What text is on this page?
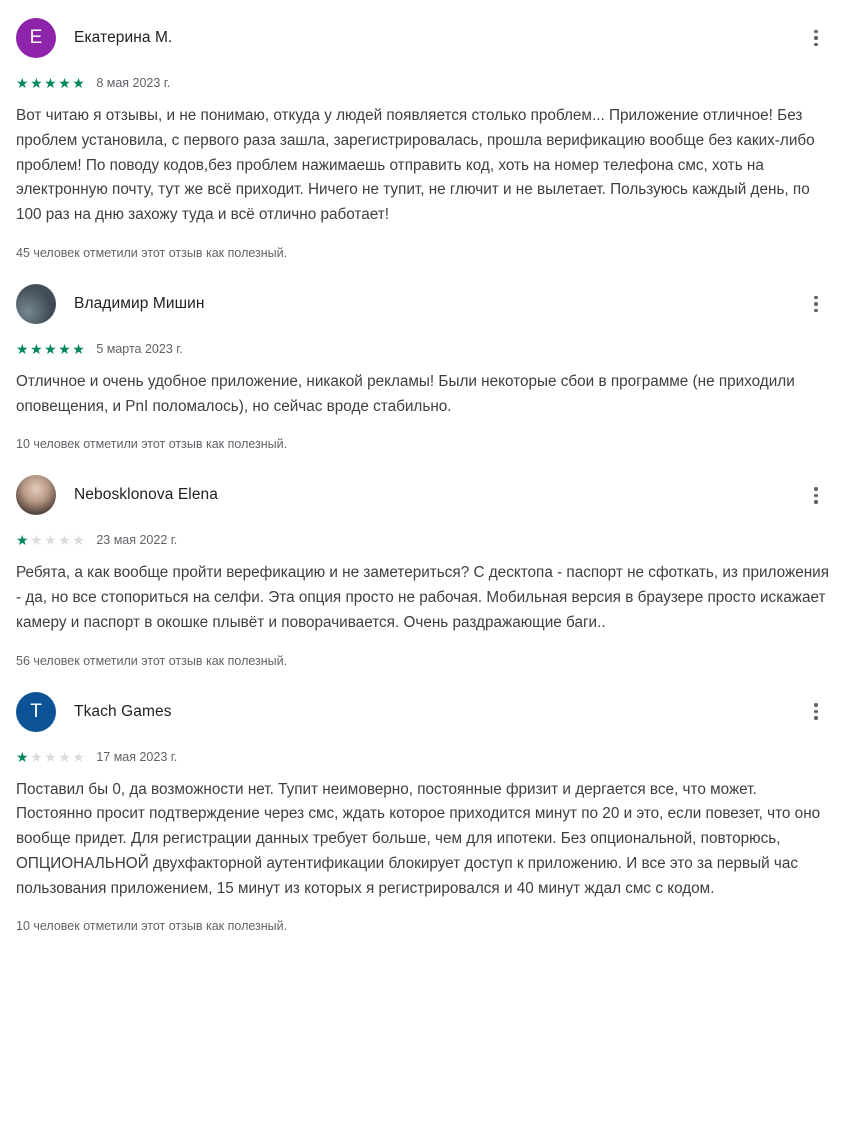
Е	Екатерина М.
★★★★★ 8 мая 2023 г.
Вот читаю я отзывы, и не понимаю, откуда у людей появляется столько проблем... Приложение отличное! Без проблем установила, с первого раза зашла, зарегистрировалась, прошла верификацию вообще без каких-либо проблем! По поводу кодов,без проблем нажимаешь отправить код, хоть на номер телефона смс, хоть на электронную почту, тут же всё приходит. Ничего не тупит, не глючит и не вылетает. Пользуюсь каждый день, по 100 раз на дню захожу туда и всё отлично работает!
45 человек отметили этот отзыв как полезный.
Владимир Мишин
★★★★★ 5 марта 2023 г.
Отличное и очень удобное приложение, никакой рекламы! Были некоторые сбои в программе (не приходили оповещения, и PnI поломалось), но сейчас вроде стабильно.
10 человек отметили этот отзыв как полезный.
Nebosklonova Elena
★★★★★ 23 мая 2022 г.
Ребята, а как вообще пройти верефикацию и не заметериться? С десктопа - паспорт не сфоткать, из приложения - да, но все стопориться на селфи. Эта опция просто не рабочая. Мобильная версия в браузере просто искажает камеру и паспорт в окошке плывёт и поворачивается. Очень раздражающие баги..
56 человек отметили этот отзыв как полезный.
T	Tkach Games
★★★★★ 17 мая 2023 г.
Поставил бы 0, да возможности нет. Тупит неимоверно, постоянные фризит и дергается все, что может. Постоянно просит подтверждение через смс, ждать которое приходится минут по 20 и это, если повезет, что оно вообще придет. Для регистрации данных требует больше, чем для ипотеки. Без опциональной, повторюсь, ОПЦИОНАЛЬНОЙ двухфакторной аутентификации блокирует доступ к приложению. И все это за первый час пользования приложением, 15 минут из которых я регистрировался и 40 минут ждал смс с кодом.
10 человек отметили этот отзыв как полезный.
